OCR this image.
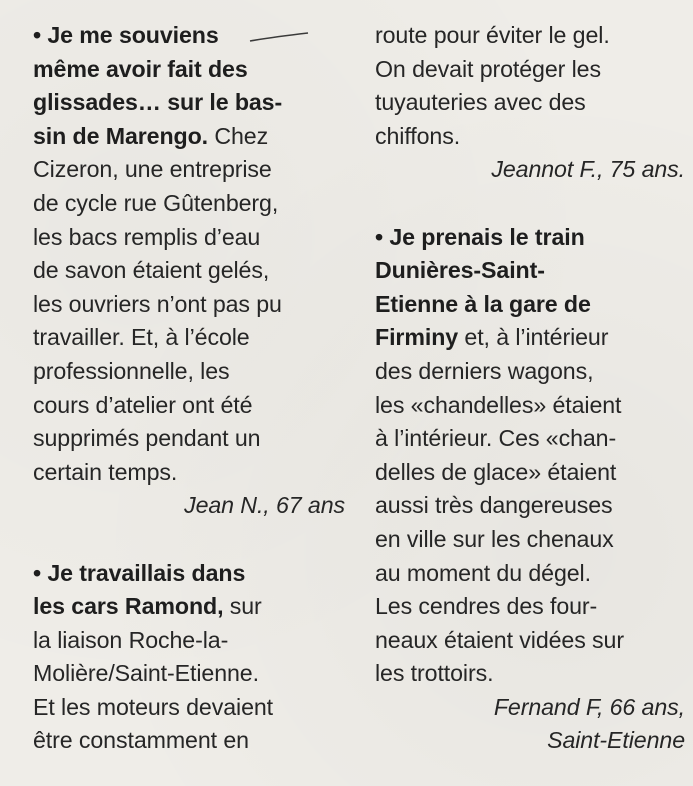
• Je me souviens
même avoir fait des
glissades… sur le bas-
sin de Marengo. Chez
Cizeron, une entreprise
de cycle rue Gûtenberg,
les bacs remplis d’eau
de savon étaient gelés,
les ouvriers n’ont pas pu
travailler. Et, à l’école
professionnelle, les
cours d’atelier ont été
supprimés pendant un
certain temps.
Jean N., 67 ans
• Je travaillais dans
les cars Ramond, sur
la liaison Roche-la-
Molière/Saint-Etienne.
Et les moteurs devaient
être constamment en
route pour éviter le gel.
On devait protéger les
tuyauteries avec des
chiffons.
Jeannot F., 75 ans.
• Je prenais le train
Dunières-Saint-
Etienne à la gare de
Firminy et, à l’intérieur
des derniers wagons,
les «chandelles» étaient
à l’intérieur. Ces «chan-
delles de glace» étaient
aussi très dangereuses
en ville sur les chenaux
au moment du dégel.
Les cendres des four-
neaux étaient vidées sur
les trottoirs.
Fernand F, 66 ans,
Saint-Etienne
